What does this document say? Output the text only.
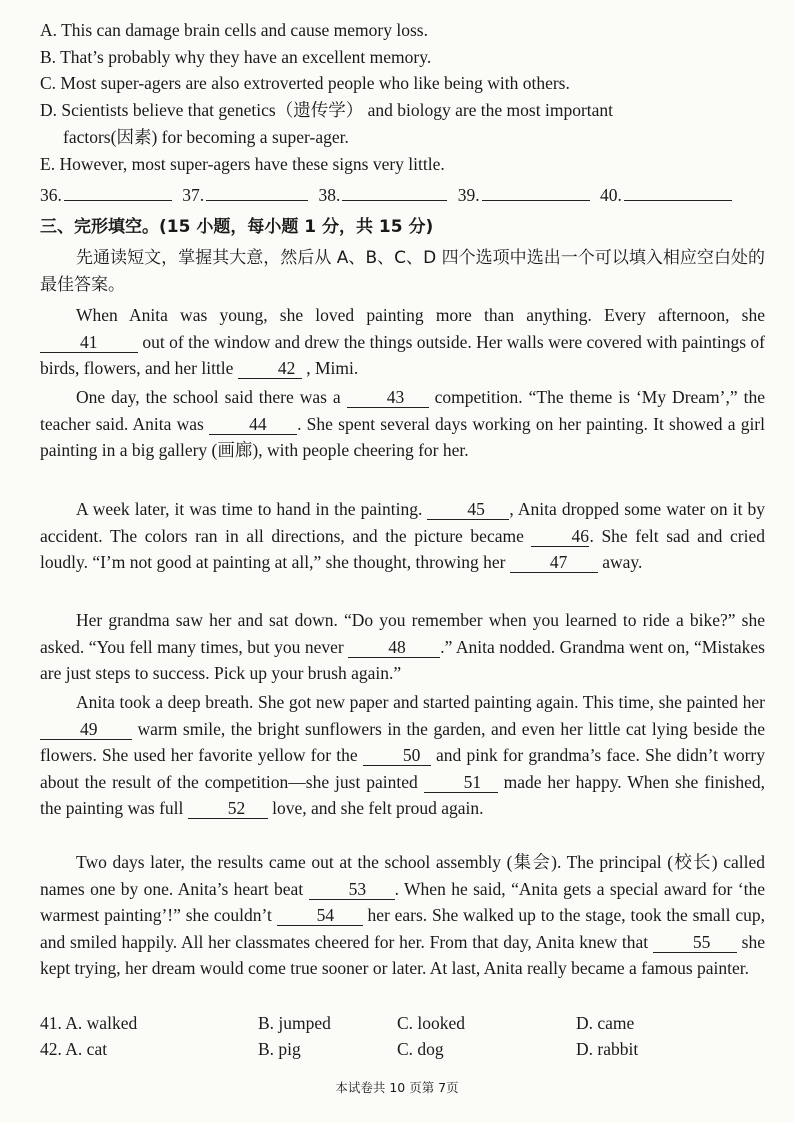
A. This can damage brain cells and cause memory loss.
B. That’s probably why they have an excellent memory.
C. Most super-agers are also extroverted people who like being with others.
D. Scientists believe that genetics（遗传学） and biology are the most important
factors(因素) for becoming a super-ager.
E. However, most super-agers have these signs very little.
36.	37.	38.	39.	40.
三、完形填空。(15 小题，每小题 1 分，共 15 分)
先通读短文，掌握其大意，然后从 A、B、C、D 四个选项中选出一个可以填入相应空白处的最佳答案。
When Anita was young, she loved painting more than anything. Every afternoon, she 41 out of the window and drew the things outside. Her walls were covered with paintings of birds, flowers, and her little 42 , Mimi.
One day, the school said there was a 43 competition. “The theme is ‘My Dream’,” the teacher said. Anita was 44 . She spent several days working on her painting. It showed a girl painting in a big gallery (画廊), with people cheering for her.
A week later, it was time to hand in the painting. 45 , Anita dropped some water on it by accident. The colors ran in all directions, and the picture became 46. She felt sad and cried loudly. “I’m not good at painting at all,” she thought, throwing her 47 away.
Her grandma saw her and sat down. “Do you remember when you learned to ride a bike?” she asked. “You fell many times, but you never 48 .” Anita nodded. Grandma went on, “Mistakes are just steps to success. Pick up your brush again.”
Anita took a deep breath. She got new paper and started painting again. This time, she painted her 49 warm smile, the bright sunflowers in the garden, and even her little cat lying beside the flowers. She used her favorite yellow for the 50 and pink for grandma’s face. She didn’t worry about the result of the competition—she just painted 51 made her happy. When she finished, the painting was full 52 love, and she felt proud again.
Two days later, the results came out at the school assembly (集会). The principal (校长) called names one by one. Anita’s heart beat 53 . When he said, “Anita gets a special award for ‘the warmest painting’!” she couldn’t 54 her ears. She walked up to the stage, took the small cup, and smiled happily. All her classmates cheered for her. From that day, Anita knew that 55 she kept trying, her dream would come true sooner or later. At last, Anita really became a famous painter.
41. A. walked	B. jumped	C. looked	D. came
42. A. cat	B. pig	C. dog	D. rabbit
本试卷共 10 页第 7页
